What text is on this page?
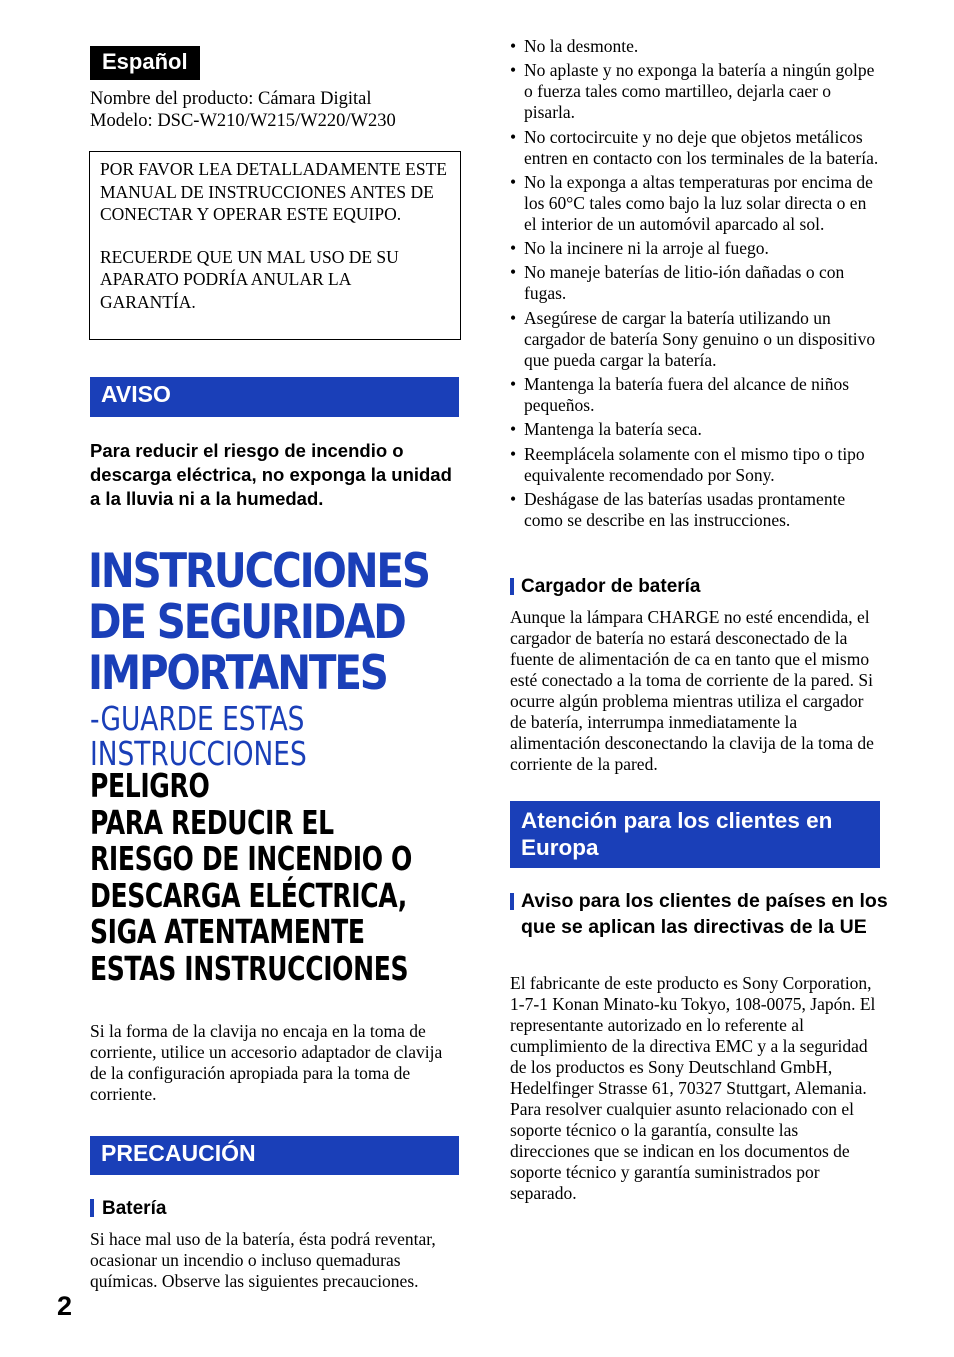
Español
Nombre del producto: Cámara Digital
Modelo: DSC-W210/W215/W220/W230

POR FAVOR LEA DETALLADAMENTE ESTE MANUAL DE INSTRUCCIONES ANTES DE CONECTAR Y OPERAR ESTE EQUIPO.

RECUERDE QUE UN MAL USO DE SU APARATO PODRÍA ANULAR LA GARANTÍA.

AVISO
Para reducir el riesgo de incendio o descarga eléctrica, no exponga la unidad a la lluvia ni a la humedad.
INSTRUCCIONES DE SEGURIDAD IMPORTANTES
-GUARDE ESTAS INSTRUCCIONES
PELIGRO
PARA REDUCIR EL RIESGO DE INCENDIO O DESCARGA ELÉCTRICA, SIGA ATENTAMENTE ESTAS INSTRUCCIONES
Si la forma de la clavija no encaja en la toma de corriente, utilice un accesorio adaptador de clavija de la configuración apropiada para la toma de corriente.
PRECAUCIÓN
Batería
Si hace mal uso de la batería, ésta podrá reventar, ocasionar un incendio o incluso quemaduras químicas. Observe las siguientes precauciones.
• No la desmonte.
• No aplaste y no exponga la batería a ningún golpe o fuerza tales como martilleo, dejarla caer o pisarla.
• No cortocircuite y no deje que objetos metálicos entren en contacto con los terminales de la batería.
• No la exponga a altas temperaturas por encima de los 60°C tales como bajo la luz solar directa o en el interior de un automóvil aparcado al sol.
• No la incinere ni la arroje al fuego.
• No maneje baterías de litio-ión dañadas o con fugas.
• Asegúrese de cargar la batería utilizando un cargador de batería Sony genuino o un dispositivo que pueda cargar la batería.
• Mantenga la batería fuera del alcance de niños pequeños.
• Mantenga la batería seca.
• Reemplácela solamente con el mismo tipo o tipo equivalente recomendado por Sony.
• Deshágase de las baterías usadas prontamente como se describe en las instrucciones.
Cargador de batería
Aunque la lámpara CHARGE no esté encendida, el cargador de batería no estará desconectado de la fuente de alimentación de ca en tanto que el mismo esté conectado a la toma de corriente de la pared. Si ocurre algún problema mientras utiliza el cargador de batería, interrumpa inmediatamente la alimentación desconectando la clavija de la toma de corriente de la pared.
Atención para los clientes en Europa
Aviso para los clientes de países en los que se aplican las directivas de la UE
El fabricante de este producto es Sony Corporation, 1-7-1 Konan Minato-ku Tokyo, 108-0075, Japón. El representante autorizado en lo referente al cumplimiento de la directiva EMC y a la seguridad de los productos es Sony Deutschland GmbH, Hedelfinger Strasse 61, 70327 Stuttgart, Alemania. Para resolver cualquier asunto relacionado con el soporte técnico o la garantía, consulte las direcciones que se indican en los documentos de soporte técnico y garantía suministrados por separado.
2
